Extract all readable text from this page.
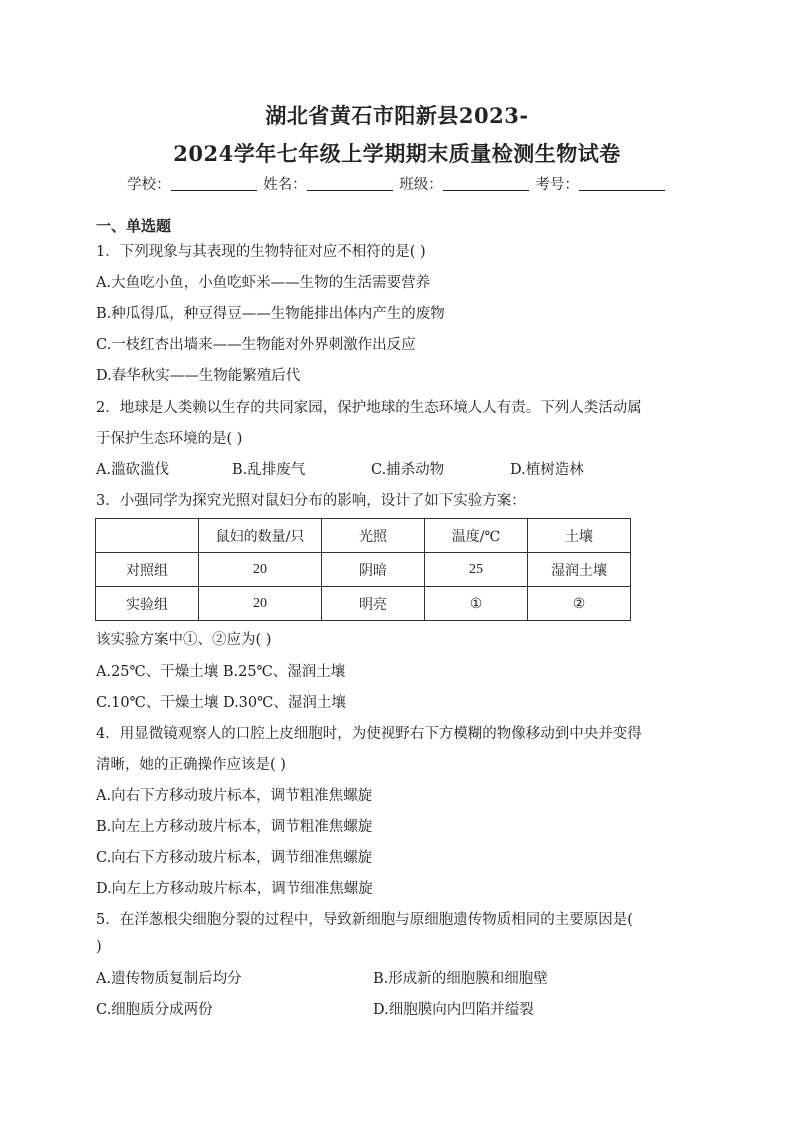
湖北省黄石市阳新县2023-
2024学年七年级上学期期末质量检测生物试卷
学校：	姓名：	班级：	考号：
一、单选题
1．下列现象与其表现的生物特征对应不相符的是( )
A.大鱼吃小鱼，小鱼吃虾米——生物的生活需要营养
B.种瓜得瓜，种豆得豆——生物能排出体内产生的废物
C.一枝红杏出墙来——生物能对外界刺激作出反应
D.春华秋实——生物能繁殖后代
2．地球是人类赖以生存的共同家园，保护地球的生态环境人人有责。下列人类活动属
于保护生态环境的是( )
A.滥砍滥伐	B.乱排废气	C.捕杀动物	D.植树造林
3．小强同学为探究光照对鼠妇分布的影响，设计了如下实验方案：
	鼠妇的数量/只	光照	温度/℃	土壤
对照组	20	阴暗	25	湿润土壤
实验组	20	明亮	①	②
该实验方案中①、②应为( )
A.25℃、干燥土壤 B.25℃、湿润土壤
C.10℃、干燥土壤 D.30℃、湿润土壤
4．用显微镜观察人的口腔上皮细胞时，为使视野右下方模糊的物像移动到中央并变得
清晰，她的正确操作应该是( )
A.向右下方移动玻片标本，调节粗准焦螺旋
B.向左上方移动玻片标本，调节粗准焦螺旋
C.向右下方移动玻片标本，调节细准焦螺旋
D.向左上方移动玻片标本，调节细准焦螺旋
5．在洋葱根尖细胞分裂的过程中，导致新细胞与原细胞遗传物质相同的主要原因是(
)
A.遗传物质复制后均分	B.形成新的细胞膜和细胞壁
C.细胞质分成两份	D.细胞膜向内凹陷并缢裂
